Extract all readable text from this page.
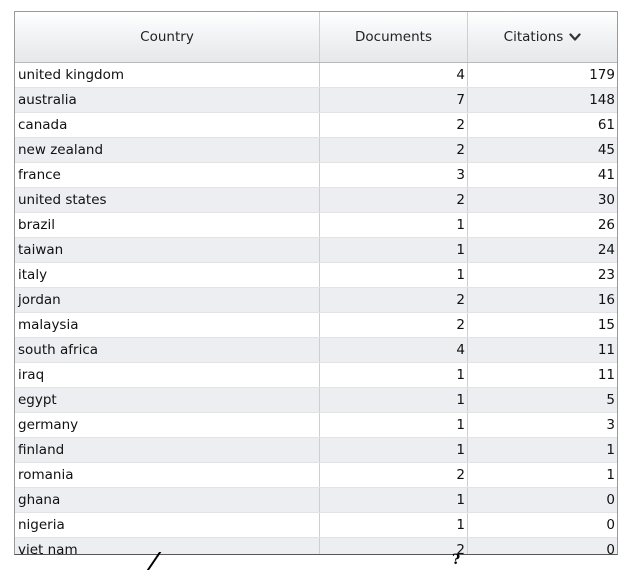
Country	Documents	Citations
united kingdom	4	179
australia	7	148
canada	2	61
new zealand	2	45
france	3	41
united states	2	30
brazil	1	26
taiwan	1	24
italy	1	23
jordan	2	16
malaysia	2	15
south africa	4	11
iraq	1	11
egypt	1	5
germany	1	3
finland	1	1
romania	2	1
ghana	1	0
nigeria	1	0
viet nam	2	0
/	?
